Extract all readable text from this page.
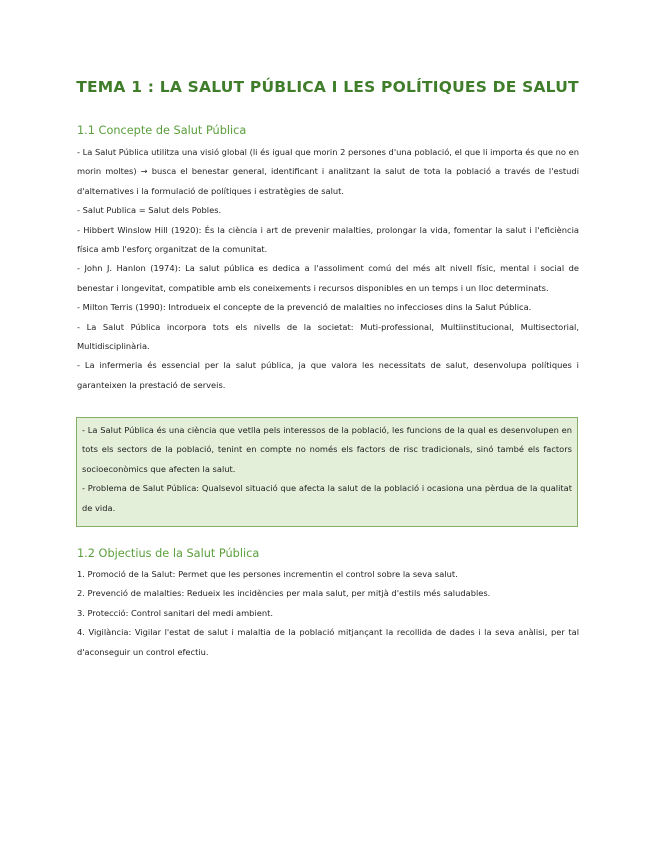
TEMA 1 : LA SALUT PÚBLICA I LES POLÍTIQUES DE SALUT
1.1 Concepte de Salut Pública

- La Salut Pública utilitza una visió global (li és igual que morin 2 persones d'una població, el que li importa és que no en morin moltes) → busca el benestar general, identificant i analitzant la salut de tota la població a través de l'estudi d'alternatives i la formulació de polítiques i estratègies de salut.

- Salut Publica = Salut dels Pobles.

- Hibbert Winslow Hill (1920): És la ciència i art de prevenir malalties, prolongar la vida, fomentar la salut i l'eficiència física amb l'esforç organitzat de la comunitat.

- John J. Hanlon (1974): La salut pública es dedica a l'assoliment comú del més alt nivell físic, mental i social de benestar i longevitat, compatible amb els coneixements i recursos disponibles en un temps i un lloc determinats.

- Milton Terris (1990): Introdueix el concepte de la prevenció de malalties no infeccioses dins la Salut Pública.

- La Salut Pública incorpora tots els nivells de la societat: Muti-professional, Multiinstitucional, Multisectorial, Multidisciplinària.

- La infermeria és essencial per la salut pública, ja que valora les necessitats de salut, desenvolupa polítiques i garanteixen la prestació de serveis.

- La Salut Pública és una ciència que vetlla pels interessos de la població, les funcions de la qual es desenvolupen en tots els sectors de la població, tenint en compte no només els factors de risc tradicionals, sinó també els factors socioeconòmics que afecten la salut.

- Problema de Salut Pública: Qualsevol situació que afecta la salut de la població i ocasiona una pèrdua de la qualitat de vida.

1.2 Objectius de la Salut Pública

1. Promoció de la Salut: Permet que les persones incrementin el control sobre la seva salut.

2. Prevenció de malalties: Redueix les incidències per mala salut, per mitjà d'estils més saludables.

3. Protecció: Control sanitari del medi ambient.

4. Vigilància: Vigilar l'estat de salut i malaltia de la població mitjançant la recollida de dades i la seva anàlisi, per tal d'aconseguir un control efectiu.
